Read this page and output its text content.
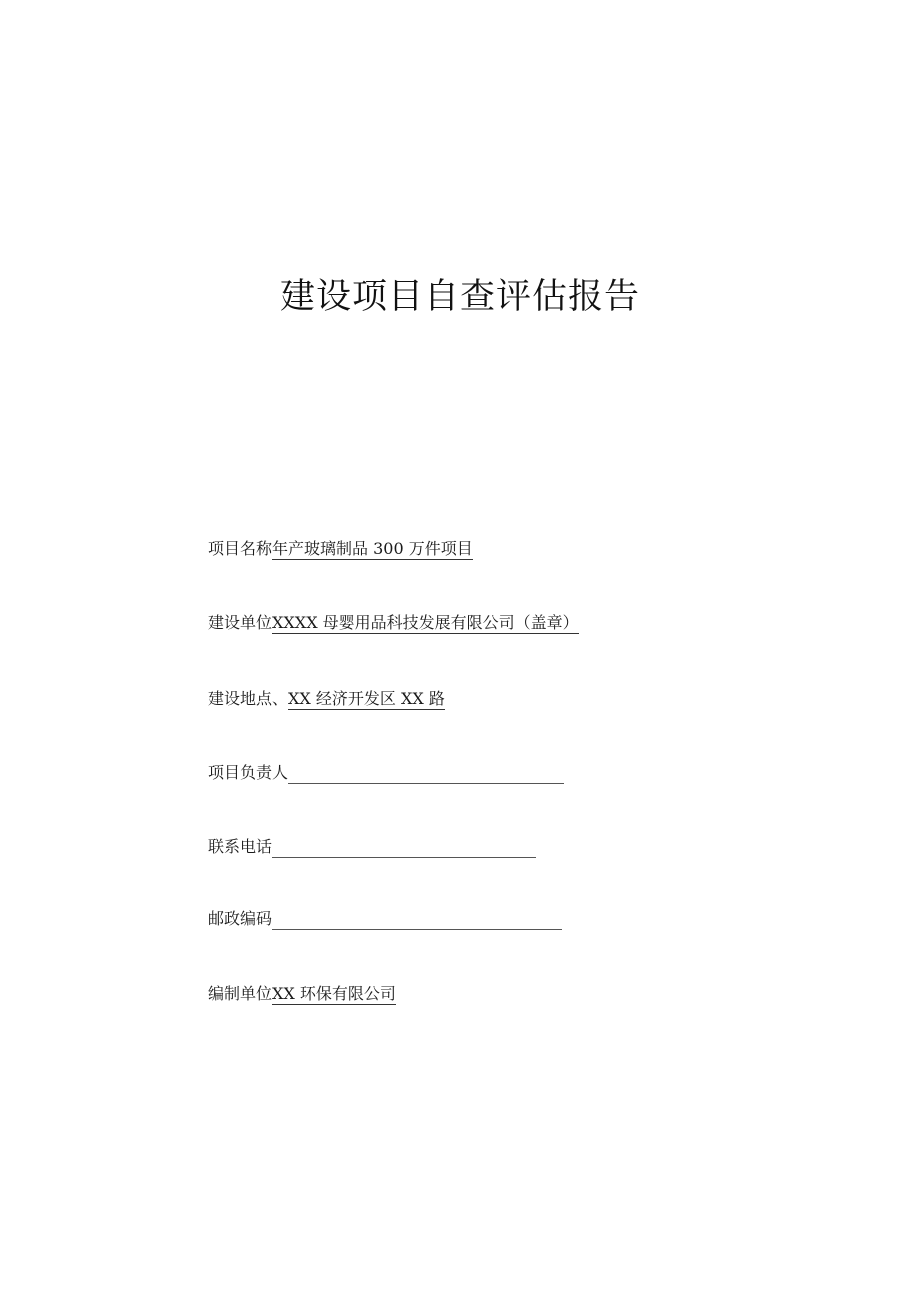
建设项目自查评估报告
项目名称 年产玻璃制品 300 万件项目
建设单位 XXXX 母婴用品科技发展有限公司（盖章）
建设地点、 XX 经济开发区 XX 路
项目负责人
联系电话
邮政编码
编制单位 XX 环保有限公司
